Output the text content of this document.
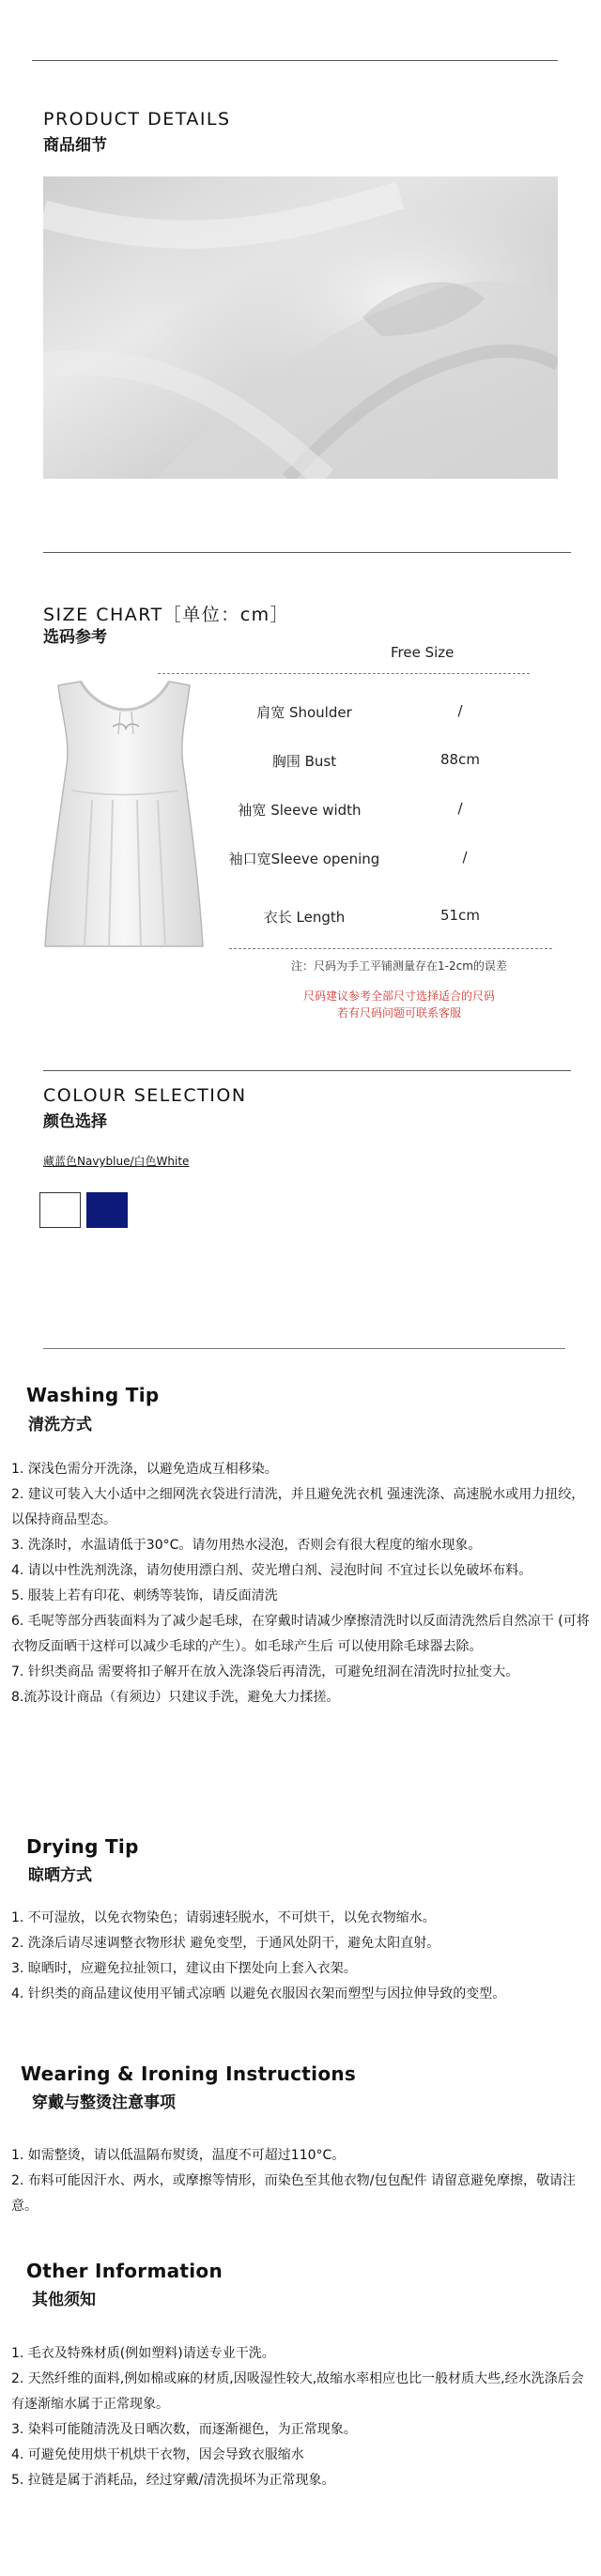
PRODUCT DETAILS
商品细节
SIZE CHART［单位：cm］
选码参考
Free Size
肩宽 Shoulder	/
胸围 Bust	88cm
袖宽 Sleeve width	/
袖口宽Sleeve opening	/
衣长 Length	51cm
注：尺码为手工平铺测量存在1-2cm的误差
尺码建议参考全部尺寸选择适合的尺码
若有尺码问题可联系客服
COLOUR SELECTION
颜色选择
藏蓝色Navyblue/白色White
Washing Tip
清洗方式
1. 深浅色需分开洗涤，以避免造成互相移染。
2. 建议可装入大小适中之细网洗衣袋进行清洗，并且避免洗衣机 强速洗涤、高速脱水或用力扭绞，以保持商品型态。
3. 洗涤时，水温请低于30°C。请勿用热水浸泡，否则会有很大程度的缩水现象。
4. 请以中性洗剂洗涤，请勿使用漂白剂、荧光增白剂、浸泡时间 不宜过长以免破坏布料。
5. 服装上若有印花、刺绣等装饰，请反面清洗
6. 毛呢等部分西装面料为了减少起毛球，在穿戴时请减少摩擦清洗时以反面清洗然后自然凉干 (可将衣物反面晒干这样可以减少毛球的产生）。如毛球产生后 可以使用除毛球器去除。
7. 针织类商品 需要将扣子解开在放入洗涤袋后再清洗，可避免纽洞在清洗时拉扯变大。
8.流苏设计商品（有须边）只建议手洗，避免大力揉搓。
Drying Tip
晾晒方式
1. 不可湿放，以免衣物染色；请弱速轻脱水，不可烘干，以免衣物缩水。
2. 洗涤后请尽速调整衣物形状 避免变型，于通风处阴干，避免太阳直射。
3. 晾晒时，应避免拉扯领口，建议由下摆处向上套入衣架。
4. 针织类的商品建议使用平铺式凉晒 以避免衣服因衣架而塑型与因拉伸导致的变型。
Wearing & Ironing Instructions
穿戴与整烫注意事项
1. 如需整烫，请以低温隔布熨烫，温度不可超过110°C。
2. 布料可能因汗水、两水，或摩擦等情形，而染色至其他衣物/包包配件 请留意避免摩擦，敬请注意。
Other Information
其他须知
1. 毛衣及特殊材质(例如塑料)请送专业干洗。
2. 天然纤维的面料,例如棉或麻的材质,因吸湿性较大,故缩水率相应也比一般材质大些,经水洗涤后会有逐渐缩水属于正常现象。
3. 染料可能随清洗及日晒次数，而逐渐褪色，为正常现象。
4. 可避免使用烘干机烘干衣物，因会导致衣服缩水
5. 拉链是属于消耗品，经过穿戴/清洗损坏为正常现象。
